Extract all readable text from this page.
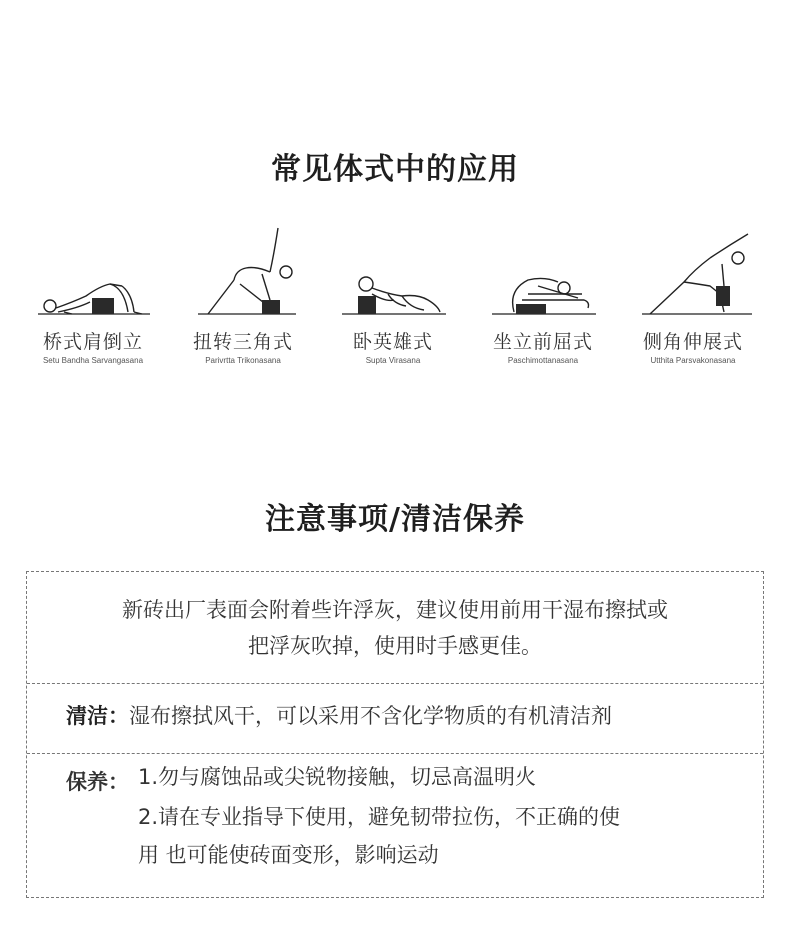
常见体式中的应用
桥式肩倒立
Setu Bandha Sarvangasana
扭转三角式
Parivrtta Trikonasana
卧英雄式
Supta Virasana
坐立前屈式
Paschimottanasana
侧角伸展式
Utthita Parsvakonasana
注意事项/清洁保养

新砖出厂表面会附着些许浮灰，建议使用前用干湿布擦拭或

把浮灰吹掉，使用时手感更佳。

清洁：湿布擦拭风干，可以采用不含化学物质的有机清洁剂
保养： 1.勿与腐蚀品或尖锐物接触，切忌高温明火
2.请在专业指导下使用，避免韧带拉伤，不正确的使
用 也可能使砖面变形，影响运动
